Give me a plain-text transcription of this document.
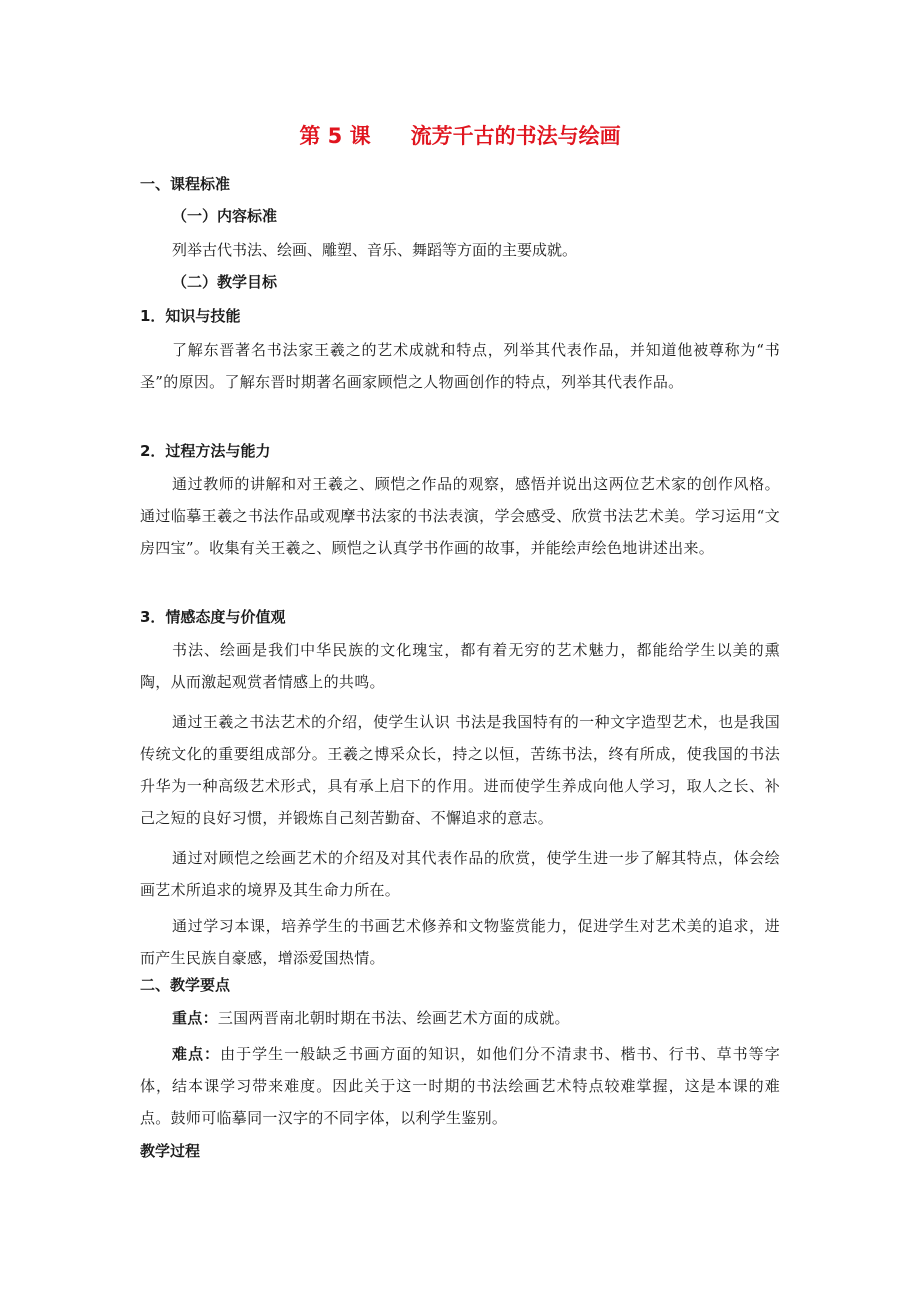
第 5 课 流芳千古的书法与绘画
一、课程标准
（一）内容标准
列举古代书法、绘画、雕塑、音乐、舞蹈等方面的主要成就。
（二）教学目标
1．知识与技能
了解东晋著名书法家王羲之的艺术成就和特点，列举其代表作品，并知道他被尊称为“书圣”的原因。了解东晋时期著名画家顾恺之人物画创作的特点，列举其代表作品。
2．过程方法与能力
通过教师的讲解和对王羲之、顾恺之作品的观察，感悟并说出这两位艺术家的创作风格。通过临摹王羲之书法作品或观摩书法家的书法表演，学会感受、欣赏书法艺术美。学习运用“文房四宝”。收集有关王羲之、顾恺之认真学书作画的故事，并能绘声绘色地讲述出来。
3．情感态度与价值观
书法、绘画是我们中华民族的文化瑰宝，都有着无穷的艺术魅力，都能给学生以美的熏陶，从而激起观赏者情感上的共鸣。
通过王羲之书法艺术的介绍，使学生认识 书法是我国特有的一种文字造型艺术，也是我国传统文化的重要组成部分。王羲之博采众长，持之以恒，苦练书法，终有所成，使我国的书法升华为一种高级艺术形式，具有承上启下的作用。进而使学生养成向他人学习，取人之长、补己之短的良好习惯，并锻炼自己刻苦勤奋、不懈追求的意志。
通过对顾恺之绘画艺术的介绍及对其代表作品的欣赏，使学生进一步了解其特点，体会绘画艺术所追求的境界及其生命力所在。
通过学习本课，培养学生的书画艺术修养和文物鉴赏能力，促进学生对艺术美的追求，进而产生民族自豪感，增添爱国热情。
二、教学要点
重点：三国两晋南北朝时期在书法、绘画艺术方面的成就。
难点：由于学生一般缺乏书画方面的知识，如他们分不清隶书、楷书、行书、草书等字体，结本课学习带来难度。因此关于这一时期的书法绘画艺术特点较难掌握，这是本课的难点。鼓师可临摹同一汉字的不同字体，以利学生鉴别。
教学过程
